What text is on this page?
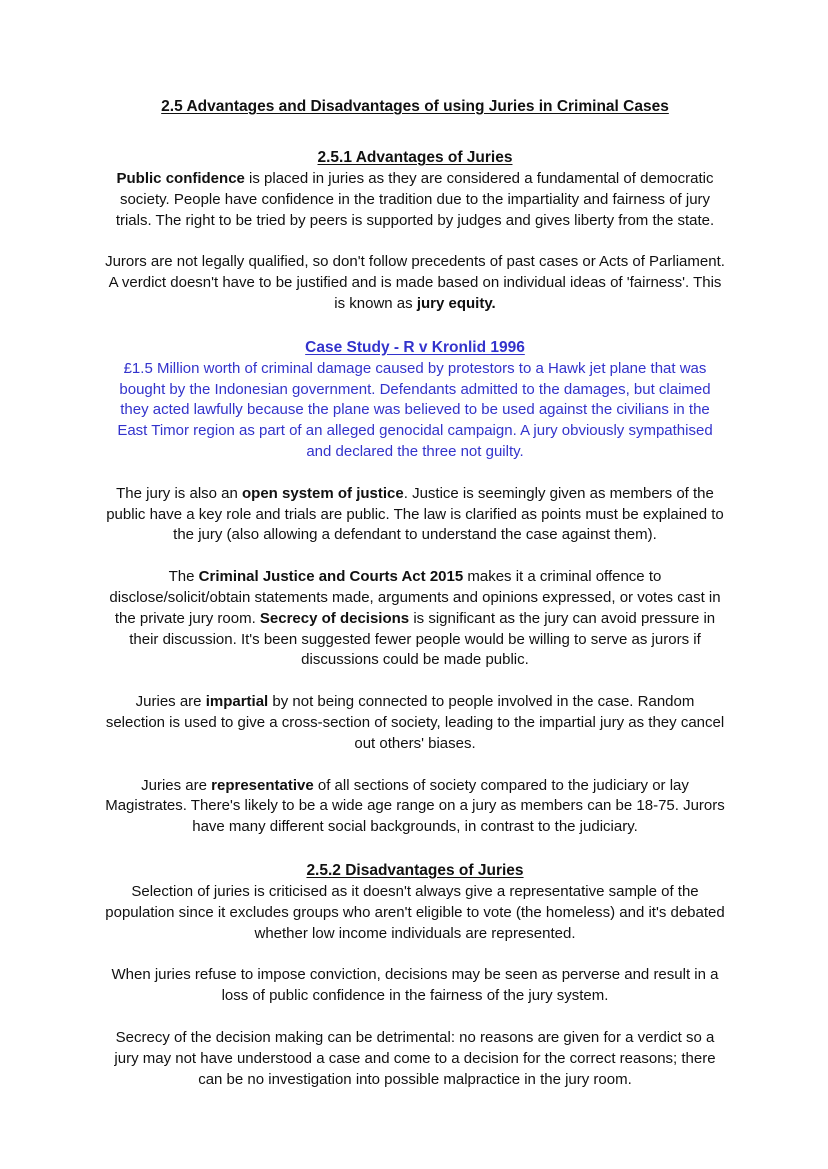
2.5 Advantages and Disadvantages of using Juries in Criminal Cases
2.5.1 Advantages of Juries

Public confidence is placed in juries as they are considered a fundamental of democratic society. People have confidence in the tradition due to the impartiality and fairness of jury trials. The right to be tried by peers is supported by judges and gives liberty from the state.

Jurors are not legally qualified, so don't follow precedents of past cases or Acts of Parliament. A verdict doesn't have to be justified and is made based on individual ideas of 'fairness'. This is known as jury equity.

Case Study - R v Kronlid 1996

£1.5 Million worth of criminal damage caused by protestors to a Hawk jet plane that was bought by the Indonesian government. Defendants admitted to the damages, but claimed they acted lawfully because the plane was believed to be used against the civilians in the East Timor region as part of an alleged genocidal campaign. A jury obviously sympathised and declared the three not guilty.

The jury is also an open system of justice. Justice is seemingly given as members of the public have a key role and trials are public. The law is clarified as points must be explained to the jury (also allowing a defendant to understand the case against them).

The Criminal Justice and Courts Act 2015 makes it a criminal offence to disclose/solicit/obtain statements made, arguments and opinions expressed, or votes cast in the private jury room. Secrecy of decisions is significant as the jury can avoid pressure in their discussion. It's been suggested fewer people would be willing to serve as jurors if discussions could be made public.

Juries are impartial by not being connected to people involved in the case. Random selection is used to give a cross-section of society, leading to the impartial jury as they cancel out others' biases.

Juries are representative of all sections of society compared to the judiciary or lay Magistrates. There's likely to be a wide age range on a jury as members can be 18-75. Jurors have many different social backgrounds, in contrast to the judiciary.

2.5.2 Disadvantages of Juries

Selection of juries is criticised as it doesn't always give a representative sample of the population since it excludes groups who aren't eligible to vote (the homeless) and it's debated whether low income individuals are represented.

When juries refuse to impose conviction, decisions may be seen as perverse and result in a loss of public confidence in the fairness of the jury system.

Secrecy of the decision making can be detrimental: no reasons are given for a verdict so a jury may not have understood a case and come to a decision for the correct reasons; there can be no investigation into possible malpractice in the jury room.
